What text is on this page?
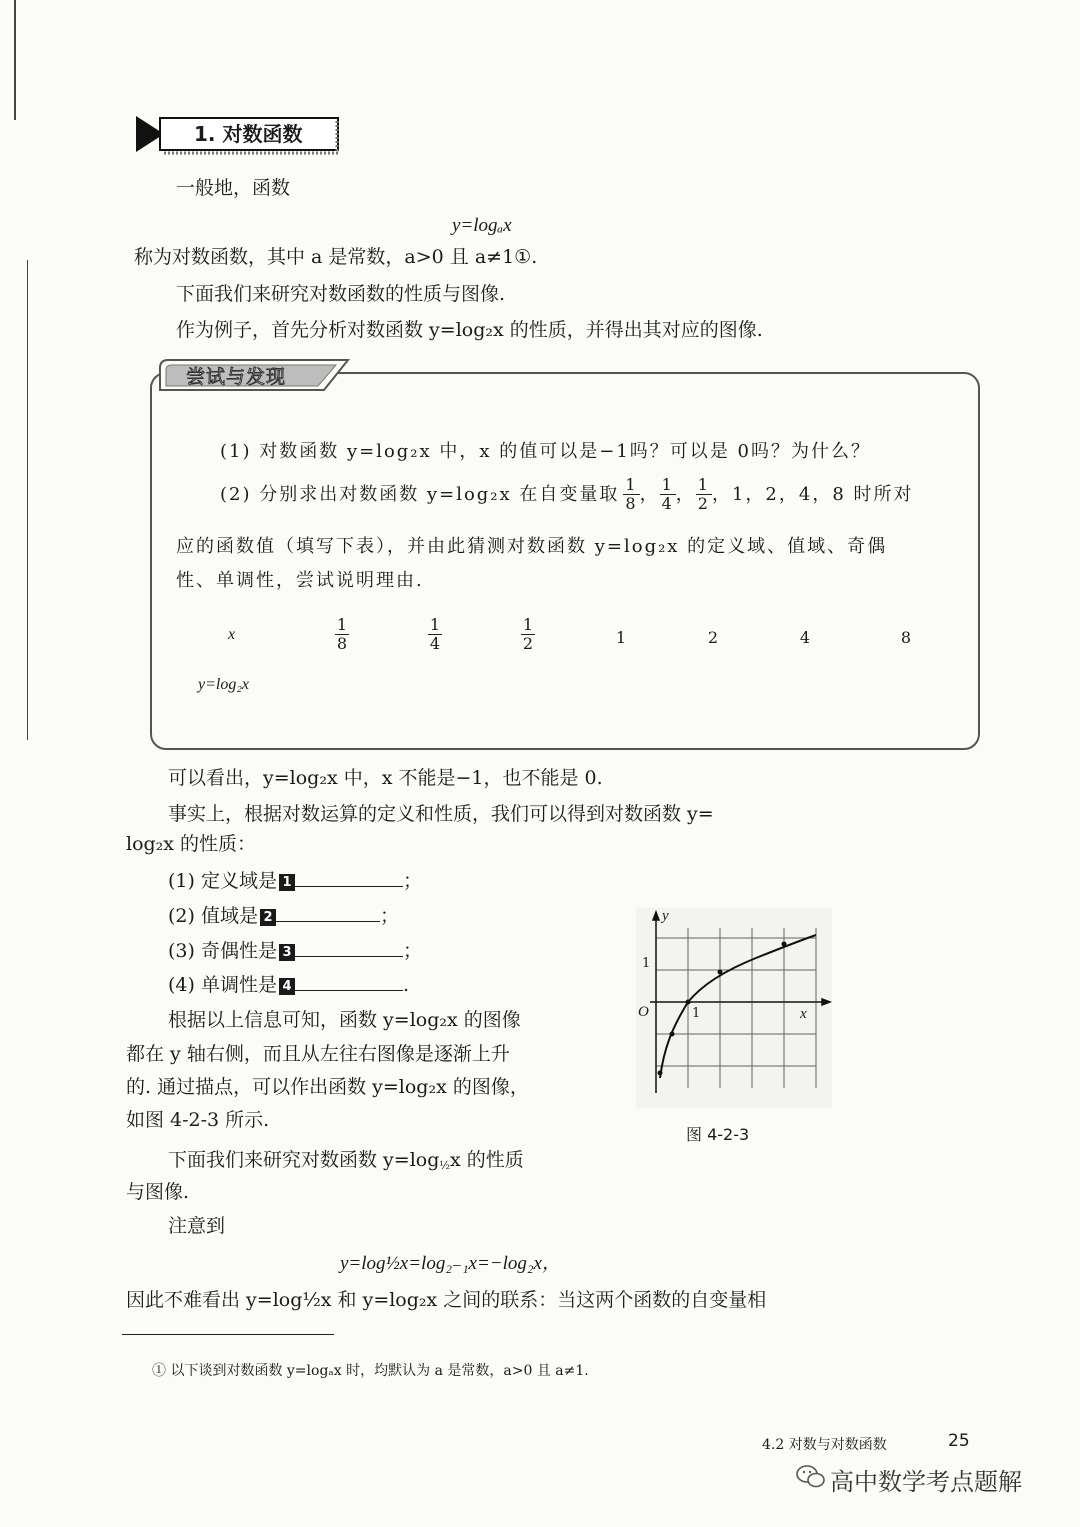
1. 对数函数
一般地，函数
y=logₐx
称为对数函数，其中 a 是常数，a>0 且 a≠1①.
下面我们来研究对数函数的性质与图像.
作为例子，首先分析对数函数 y=log₂x 的性质，并得出其对应的图像.
尝试与发现
(1) 对数函数 y=log₂x 中，x 的值可以是−1吗？可以是 0吗？为什么？
(2) 分别求出对数函数 y=log₂x 在自变量取 $\frac{1}{8}$ ， $\frac{1}{4}$ ， $\frac{1}{2}$ ，1，2，4，8 时所对
应的函数值（填写下表），并由此猜测对数函数 y=log₂x 的定义域、值域、奇偶
性、单调性，尝试说明理由.
x	$\frac{1}{8}$	$\frac{1}{4}$	$\frac{1}{2}$	1	2	4	8
y=log₂x
可以看出，y=log₂x 中，x 不能是−1，也不能是 0.
事实上，根据对数运算的定义和性质，我们可以得到对数函数 y=
log₂x 的性质：
(1) 定义域是 1	；
(2) 值域是 2	；
(3) 奇偶性是 3	；
(4) 单调性是 4	.
根据以上信息可知，函数 y=log₂x 的图像
都在 y 轴右侧，而且从左往右图像是逐渐上升
的. 通过描点，可以作出函数 y=log₂x 的图像，
如图 4-2-3 所示.
下面我们来研究对数函数 $y=\log_{\frac{1}{2}}x$ 的性质
与图像.
注意到
y=log½x=log₂₋₁x=−log₂x，
因此不难看出 y=log½x 和 y=log₂x 之间的联系：当这两个函数的自变量相
y
x
O	1
1
图 4-2-3
① 以下谈到对数函数 y=logₐx 时，均默认为 a 是常数，a>0 且 a≠1.
4.2 对数与对数函数	25
高中数学考点题解
